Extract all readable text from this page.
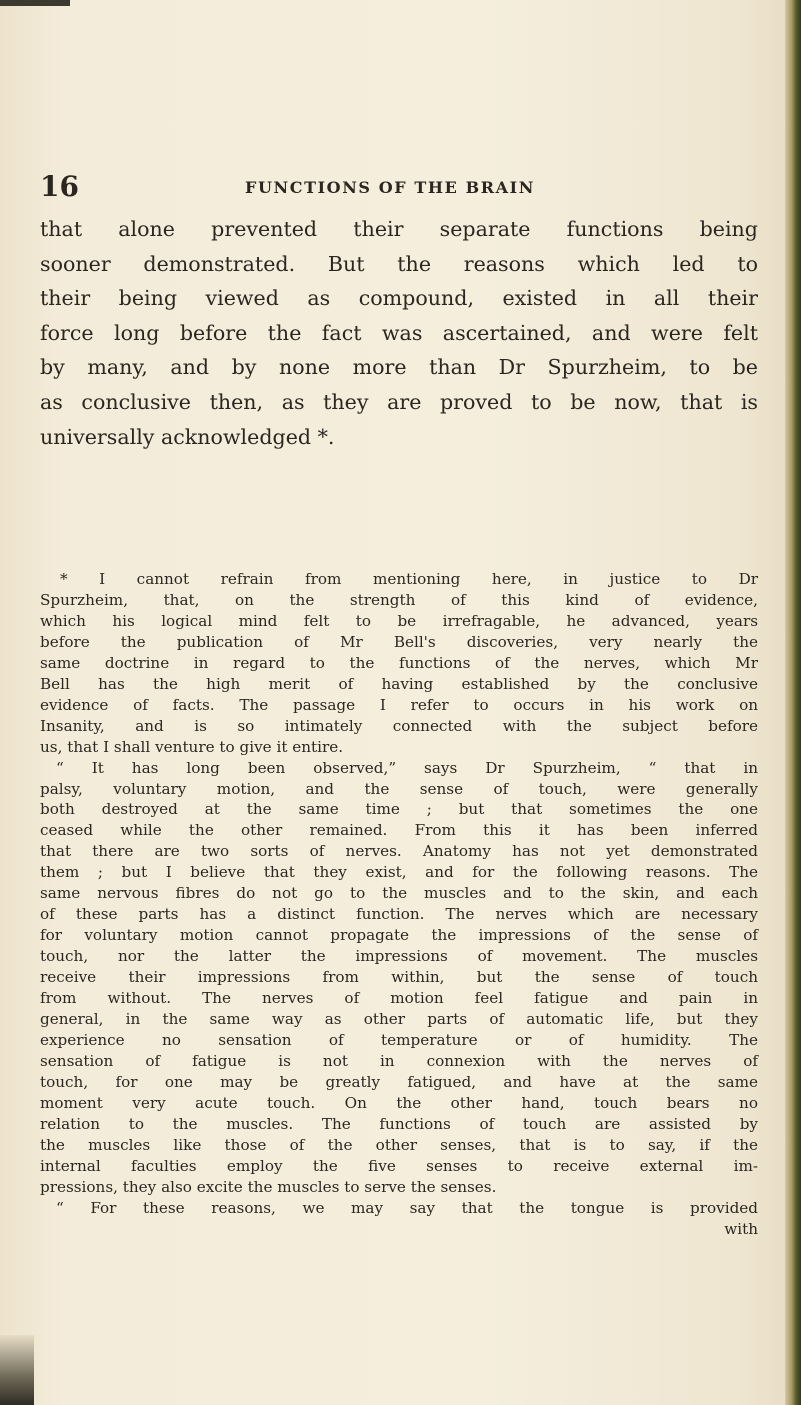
16	FUNCTIONS OF THE BRAIN
that alone prevented their separate functions being
sooner demonstrated. But the reasons which led to
their being viewed as compound, existed in all their
force long before the fact was ascertained, and were felt
by many, and by none more than Dr Spurzheim, to be
as conclusive then, as they are proved to be now, that is
universally acknowledged *.
* I cannot refrain from mentioning here, in justice to Dr
Spurzheim, that, on the strength of this kind of evidence,
which his logical mind felt to be irrefragable, he advanced, years
before the publication of Mr Bell's discoveries, very nearly the
same doctrine in regard to the functions of the nerves, which Mr
Bell has the high merit of having established by the conclusive
evidence of facts. The passage I refer to occurs in his work on
Insanity, and is so intimately connected with the subject before
us, that I shall venture to give it entire.
“ It has long been observed,” says Dr Spurzheim, “ that in
palsy, voluntary motion, and the sense of touch, were generally
both destroyed at the same time ; but that sometimes the one
ceased while the other remained. From this it has been inferred
that there are two sorts of nerves. Anatomy has not yet demonstrated
them ; but I believe that they exist, and for the following reasons. The
same nervous fibres do not go to the muscles and to the skin, and each
of these parts has a distinct function. The nerves which are necessary
for voluntary motion cannot propagate the impressions of the sense of
touch, nor the latter the impressions of movement. The muscles
receive their impressions from within, but the sense of touch
from without. The nerves of motion feel fatigue and pain in
general, in the same way as other parts of automatic life, but they
experience no sensation of temperature or of humidity. The
sensation of fatigue is not in connexion with the nerves of
touch, for one may be greatly fatigued, and have at the same
moment very acute touch. On the other hand, touch bears no
relation to the muscles. The functions of touch are assisted by
the muscles like those of the other senses, that is to say, if the
internal faculties employ the five senses to receive external im-
pressions, they also excite the muscles to serve the senses.
“ For these reasons, we may say that the tongue is provided
with
